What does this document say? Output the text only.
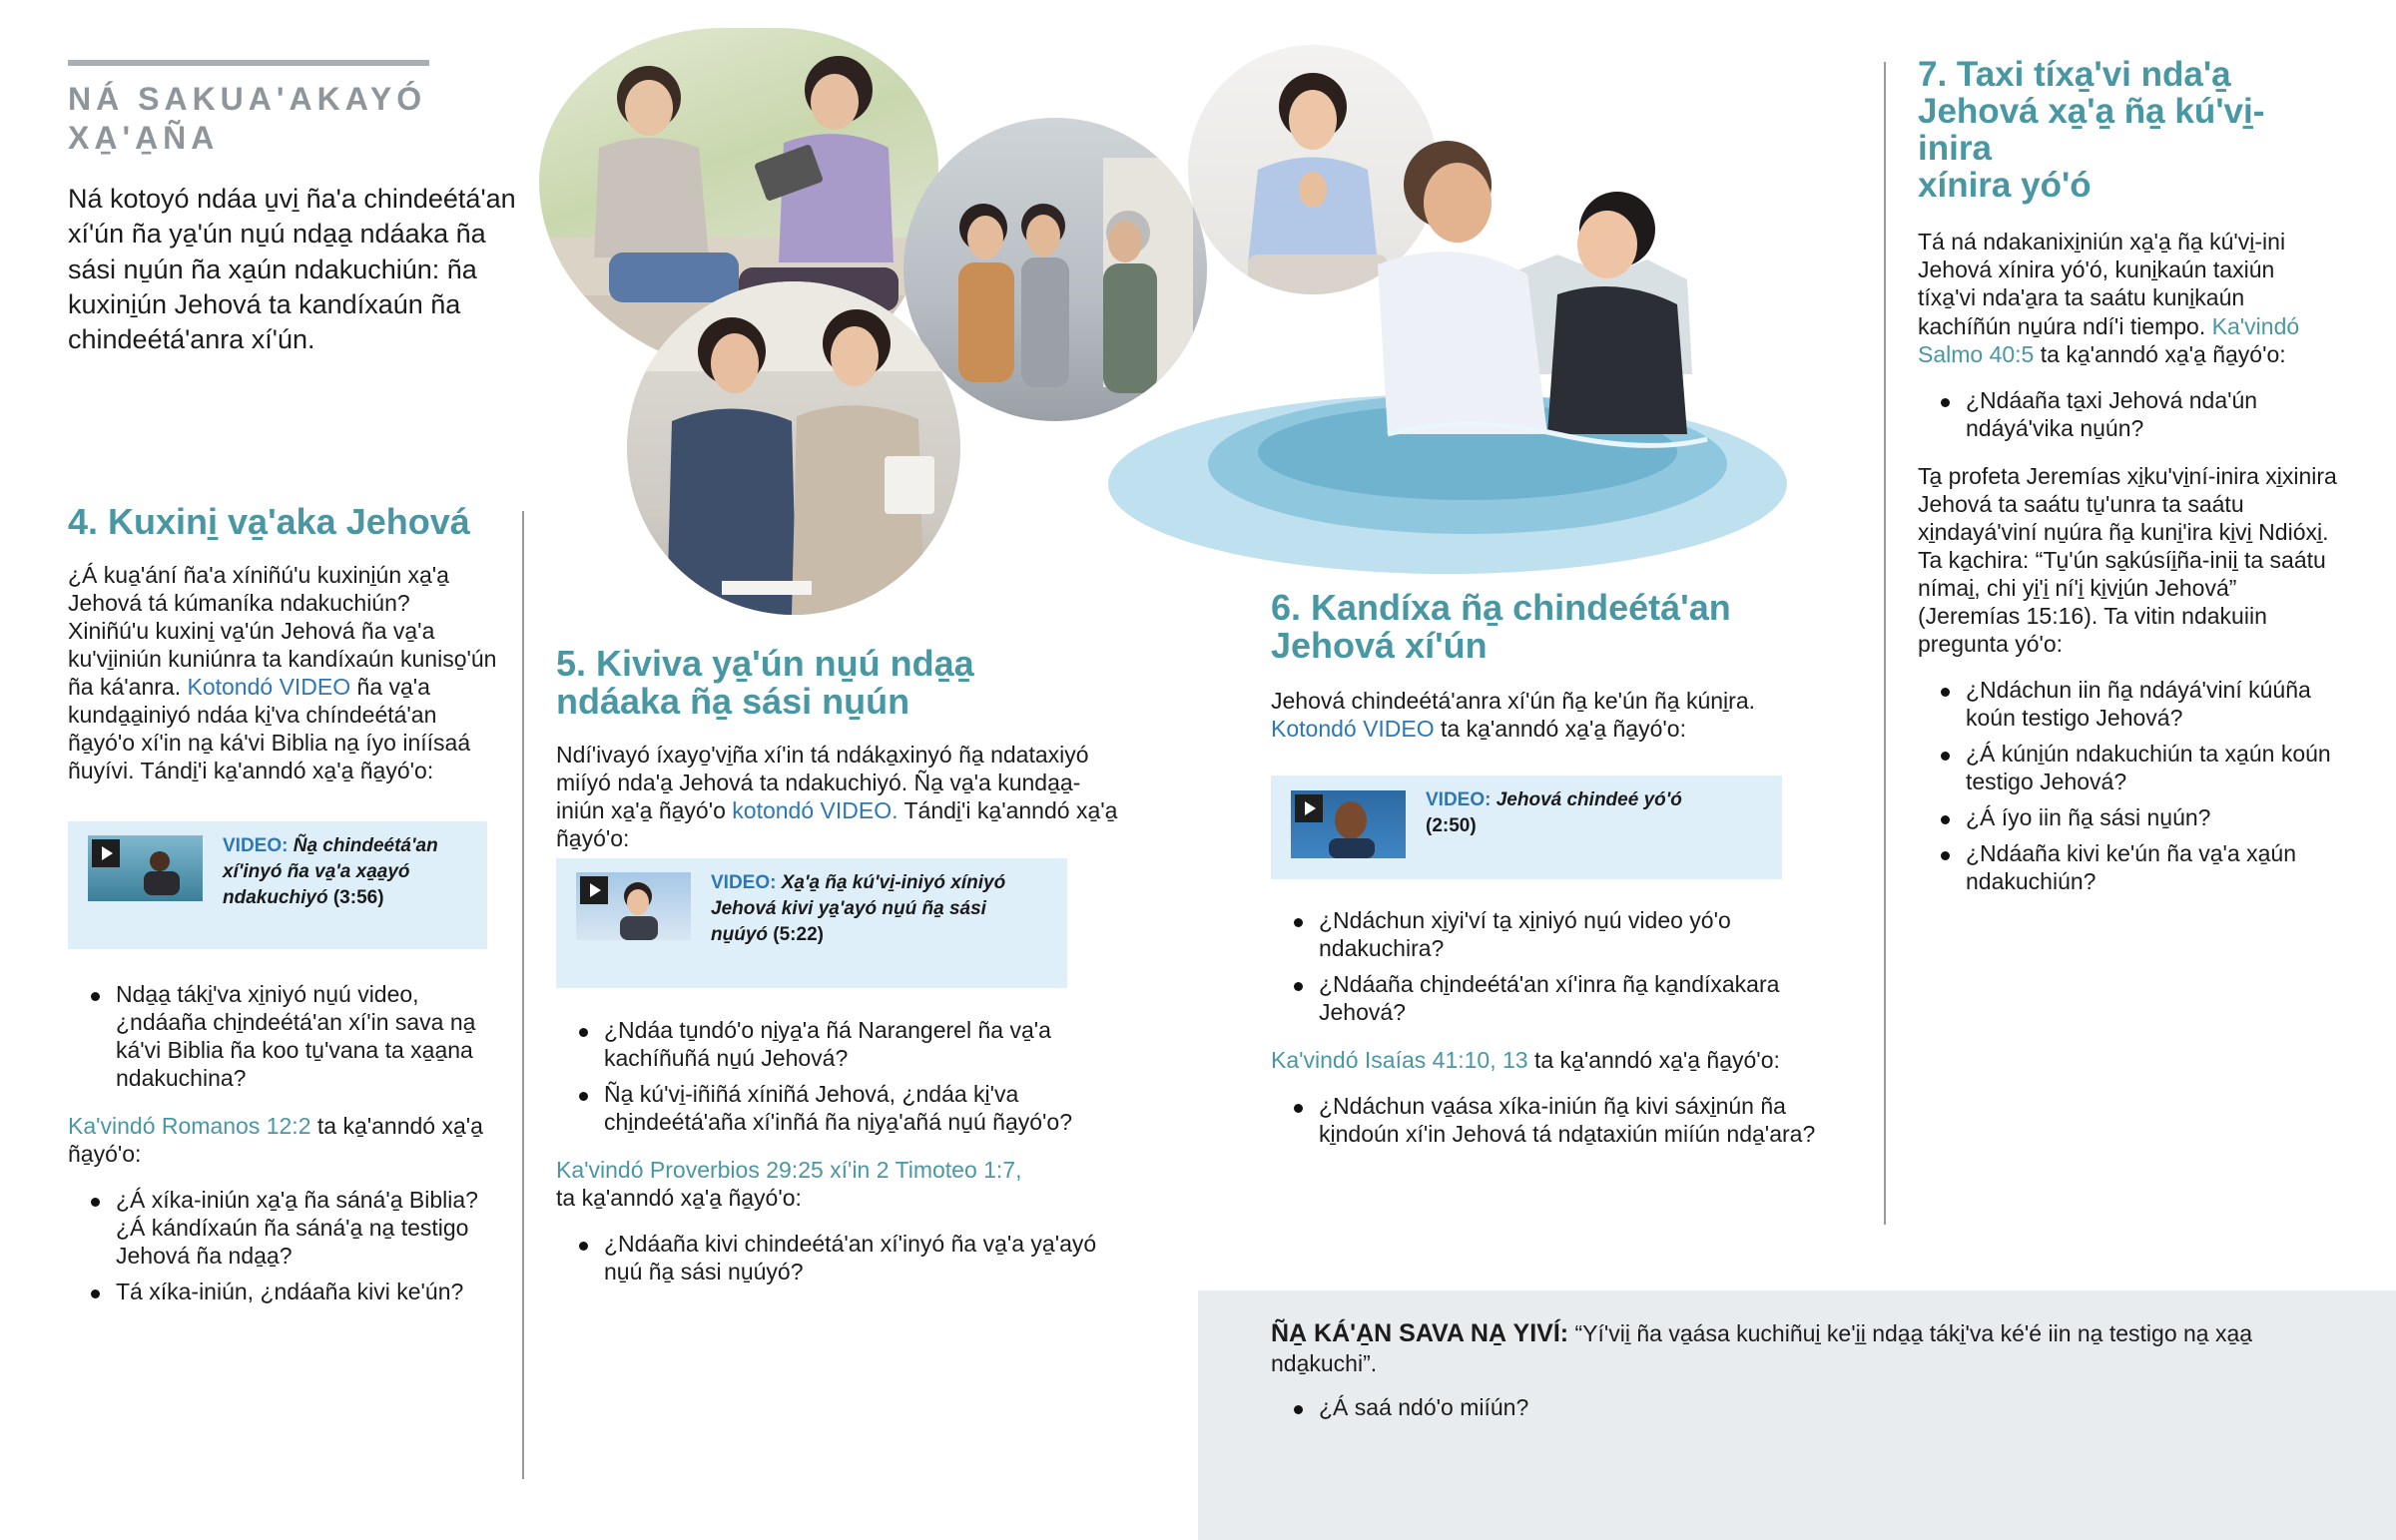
NÁ SAKUA'AKAYÓ
XA̱'A̱ÑA

Ná kotoyó ndáa u̱vi̱ ña'a chindeétá'an xí'ún ña ya̱'ún nu̱ú nda̱a̱ ndáaka ña sási nu̱ún ña xa̱ún ndakuchiún: ña kuxini̱ún Jehová ta kandíxaún ña chindeétá'anra xí'ún.

4. Kuxini̱ va̱'aka Jehová

¿Á kua̱'ání ña'a xíniñú'u kuxini̱ún xa̱'a̱ Jehová tá kúmaníka ndakuchiún? Xiniñú'u kuxini̱ va̱'ún Jehová ña va̱'a ku'vi̱iniún kuniúnra ta kandíxaún kuniso̱'ún ña ká'anra. Kotondó VIDEO ña va̱'a kunda̱a̱iniyó ndáa ki̱'va chíndeétá'an ña̱yó'o xí'in na̱ ká'vi Biblia na̱ íyo iníísaá ñuyívi. Tándi̱'i ka̱'anndó xa̱'a̱ ña̱yó'o:

VIDEO: Ña̱ chindeétá'an xí'inyó ña va̱'a xa̱a̱yó ndakuchiyó (3:56)
Nda̱a̱ táki̱'va xi̱niyó nu̱ú video, ¿ndáaña chi̱ndeétá'an xí'in sava na̱ ká'vi Biblia ña koo tu̱'vana ta xa̱a̱na ndakuchina?

Ka'vindó Romanos 12:2 ta ka̱'anndó xa̱'a̱ ña̱yó'o:

¿Á xíka-iniún xa̱'a̱ ña sáná'a̱ Biblia? ¿Á kándíxaún ña sáná'a̱ na̱ testigo Jehová ña nda̱a̱?
Tá xíka-iniún, ¿ndáaña kivi ke'ún?
5. Kiviva ya̱'ún nu̱ú nda̱a̱
ndáaka ña̱ sási nu̱ún

Ndí'ivayó íxayo̱'vi̱ña xí'in tá ndáka̱xinyó ña̱ ndataxiyó miíyó nda'a̱ Jehová ta ndakuchiyó. Ña̱ va̱'a kunda̱a̱-iniún xa̱'a̱ ña̱yó'o kotondó VIDEO. Tándi̱'i ka̱'anndó xa̱'a̱ ña̱yó'o:

VIDEO: Xa̱'a̱ ña̱ kú'vi̱-iniyó xíniyó Jehová kivi ya̱'ayó nu̱ú ña̱ sási nu̱úyó (5:22)
¿Ndáa tu̱ndó'o ni̱ya̱'a ñá Narangerel ña va̱'a kachíñuñá nu̱ú Jehová?
Ña̱ kú'vi̱-iñiñá xíniñá Jehová, ¿ndáa ki̱'va chi̱ndeétá'aña xí'inñá ña ni̱ya̱'añá nu̱ú ña̱yó'o?

Ka'vindó Proverbios 29:25 xí'in 2 Timoteo 1:7,
ta ka̱'anndó xa̱'a̱ ña̱yó'o:

¿Ndáaña kivi chindeétá'an xí'inyó ña va̱'a ya̱'ayó nu̱ú ña̱ sási nu̱úyó?
6. Kandíxa ña̱ chindeétá'an
Jehová xí'ún

Jehová chindeétá'anra xí'ún ña̱ ke'ún ña̱ kúni̱ra.
Kotondó VIDEO ta ka̱'anndó xa̱'a̱ ña̱yó'o:

VIDEO: Jehová chindeé yó'ó
(2:50)
¿Ndáchun xi̱yi'ví ta̱ xi̱niyó nu̱ú video yó'o ndakuchira?
¿Ndáaña chi̱ndeétá'an xí'inra ña̱ ka̱ndíxakara Jehová?

Ka'vindó Isaías 41:10, 13 ta ka̱'anndó xa̱'a̱ ña̱yó'o:

¿Ndáchun va̱ása xíka-iniún ña̱ kivi sáxi̱nún ña ki̱ndoún xí'in Jehová tá nda̱taxiún miíún nda̱'ara?
7. Taxi tíxa̱'vi nda'a̱
Jehová xa̱'a̱ ña̱ kú'vi̱-inira
xínira yó'ó

Tá ná ndakanixi̱niún xa̱'a̱ ña̱ kú'vi̱-ini Jehová xínira yó'ó, kuni̱kaún taxiún tíxa̱'vi nda'a̱ra ta saátu kuni̱kaún kachíñún nu̱úra ndí'i tiempo. Ka'vindó Salmo 40:5 ta ka̱'anndó xa̱'a̱ ña̱yó'o:

¿Ndáaña ta̱xi Jehová nda'ún ndáyá'vika nu̱ún?

Ta̱ profeta Jeremías xi̱ku'vi̱ní-inira xi̱xinira Jehová ta saátu tu̱'unra ta saátu xi̱ndayá'viní nu̱úra ña̱ kuni̱'ira ki̱vi̱ Ndióxi̱. Ta ka̱chira: “Tu̱'ún sa̱kúsíi̱ña-inii̱ ta saátu nímai̱, chi yi̱'i̱ ní'i̱ ki̱vi̱ún Jehová” (Jeremías 15:16). Ta vitin ndakuiin pregunta yó'o:

¿Ndáchun iin ña̱ ndáyá'viní kúúña koún testigo Jehová?
¿Á kúni̱ún ndakuchiún ta xa̱ún koún testigo Jehová?
¿Á íyo iin ña̱ sási nu̱ún?
¿Ndáaña kivi ke'ún ña va̱'a xa̱ún ndakuchiún?

ÑA̱ KÁ'A̱N SAVA NA̱ YIVÍ: “Yí'vii̱ ña va̱ása kuchiñui̱ ke'i̱i̱ nda̱a̱ táki̱'va ké'é iin na̱ testigo na̱ xa̱a̱ nda̱kuchi”.

¿Á saá ndó'o miíún?
